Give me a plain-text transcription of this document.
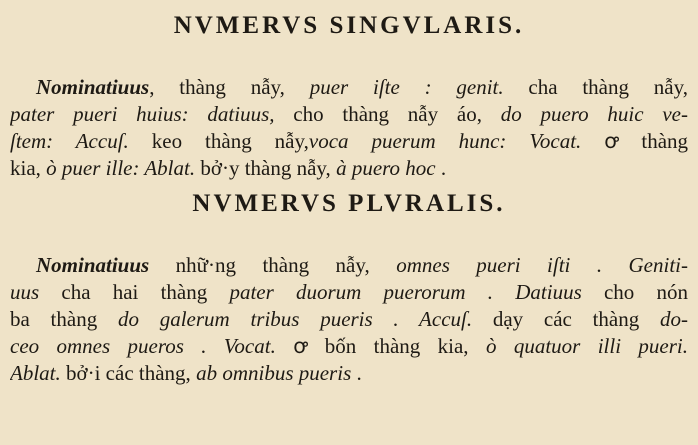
NVMERVS SINGVLARIS.
Nominatiuus, thàng nẫy, puer iſte : genit. cha thàng nẫy,
pater pueri huius: datiuus, cho thàng nẫy áo, do puero huic ve-
ſtem: Accuſ. keo thàng nẫy,voca puerum hunc: Vocat. ꝍ thàng
kia, ò puer ille: Ablat. bở·y thàng nẫy, à puero hoc .
NVMERVS PLVRALIS.
Nominatiuus nhữ·ng thàng nẫy, omnes pueri iſti . Geniti-
uus cha hai thàng pater duorum puerorum . Datiuus cho nón
ba thàng do galerum tribus pueris . Accuſ. dạy các thàng do-
ceo omnes pueros . Vocat. ꝍ bốn thàng kia, ò quatuor illi pueri.
Ablat. bở·i các thàng, ab omnibus pueris .
